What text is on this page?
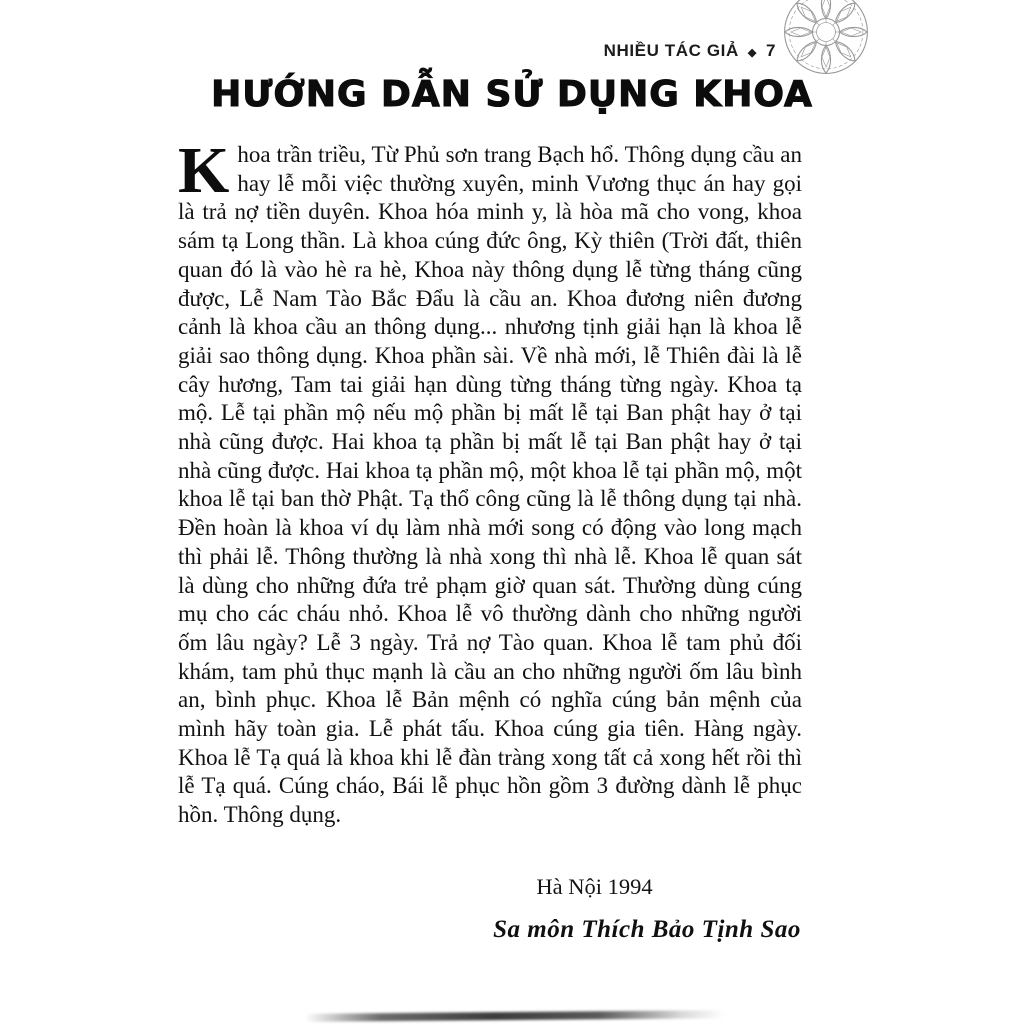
NHIỀU TÁC GIẢ ◆ 7
HƯỚNG DẪN SỬ DỤNG KHOA
Khoa trần triều, Từ Phủ sơn trang Bạch hổ. Thông dụng cầu an hay lễ mỗi việc thường xuyên, minh Vương thục án hay gọi là trả nợ tiền duyên. Khoa hóa minh y, là hòa mã cho vong, khoa sám tạ Long thần. Là khoa cúng đức ông, Kỳ thiên (Trời đất, thiên quan đó là vào hè ra hè, Khoa này thông dụng lễ từng tháng cũng được, Lễ Nam Tào Bắc Đẩu là cầu an. Khoa đương niên đương cảnh là khoa cầu an thông dụng... nhương tịnh giải hạn là khoa lễ giải sao thông dụng. Khoa phần sài. Về nhà mới, lễ Thiên đài là lễ cây hương, Tam tai giải hạn dùng từng tháng từng ngày. Khoa tạ mộ. Lễ tại phần mộ nếu mộ phần bị mất lễ tại Ban phật hay ở tại nhà cũng được. Hai khoa tạ phần bị mất lễ tại Ban phật hay ở tại nhà cũng được. Hai khoa tạ phần mộ, một khoa lễ tại phần mộ, một khoa lễ tại ban thờ Phật. Tạ thổ công cũng là lễ thông dụng tại nhà. Đền hoàn là khoa ví dụ làm nhà mới song có động vào long mạch thì phải lễ. Thông thường là nhà xong thì nhà lễ. Khoa lễ quan sát là dùng cho những đứa trẻ phạm giờ quan sát. Thường dùng cúng mụ cho các cháu nhỏ. Khoa lễ vô thường dành cho những người ốm lâu ngày? Lễ 3 ngày. Trả nợ Tào quan. Khoa lễ tam phủ đối khám, tam phủ thục mạnh là cầu an cho những người ốm lâu bình an, bình phục. Khoa lễ Bản mệnh có nghĩa cúng bản mệnh của mình hãy toàn gia. Lễ phát tấu. Khoa cúng gia tiên. Hàng ngày. Khoa lễ Tạ quá là khoa khi lễ đàn tràng xong tất cả xong hết rồi thì lễ Tạ quá. Cúng cháo, Bái lễ phục hồn gồm 3 đường dành lễ phục hồn. Thông dụng.
Hà Nội 1994
Sa môn Thích Bảo Tịnh Sao
